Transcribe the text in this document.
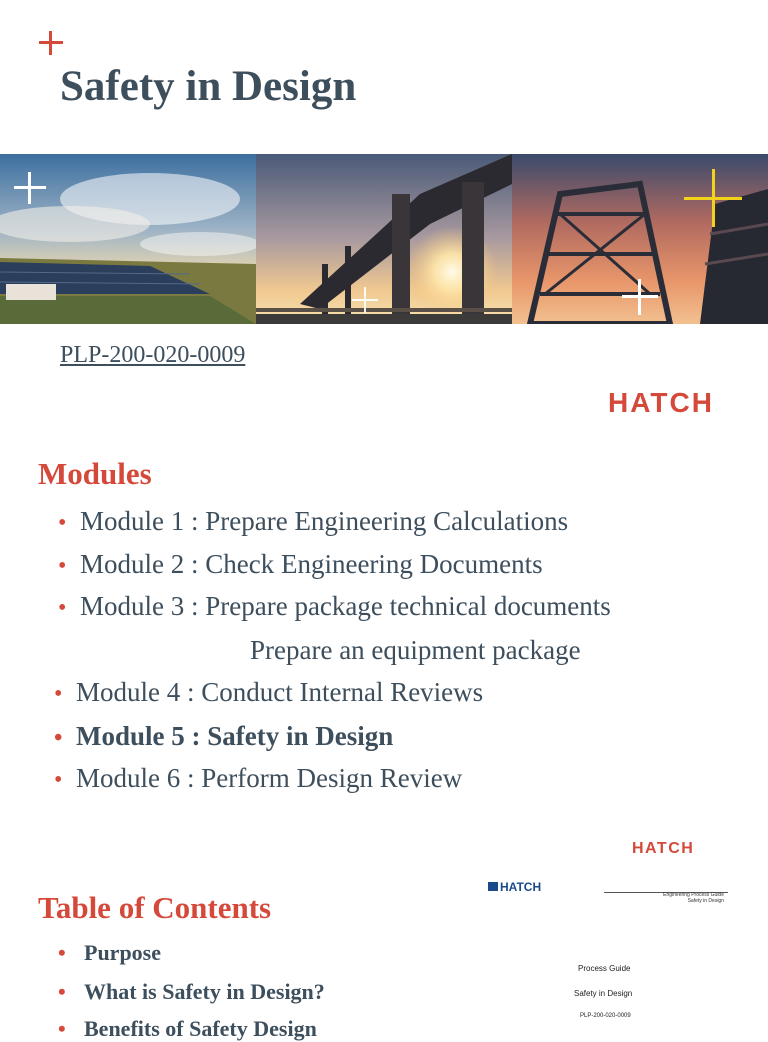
Safety in Design
PLP-200-020-0009
HATCH
Modules
• Module 1 : Prepare Engineering Calculations
• Module 2 : Check Engineering Documents
• Module 3 : Prepare package technical documents
Prepare an equipment package
• Module 4 : Conduct Internal Reviews
• Module 5 : Safety in Design
• Module 6 : Perform Design Review
HATCH
Table of Contents
• Purpose
• What is Safety in Design?
• Benefits of Safety Design
HATCH
Engineering Process Guide
Safety in Design
Process Guide
Safety in Design
PLP-200-020-0009
